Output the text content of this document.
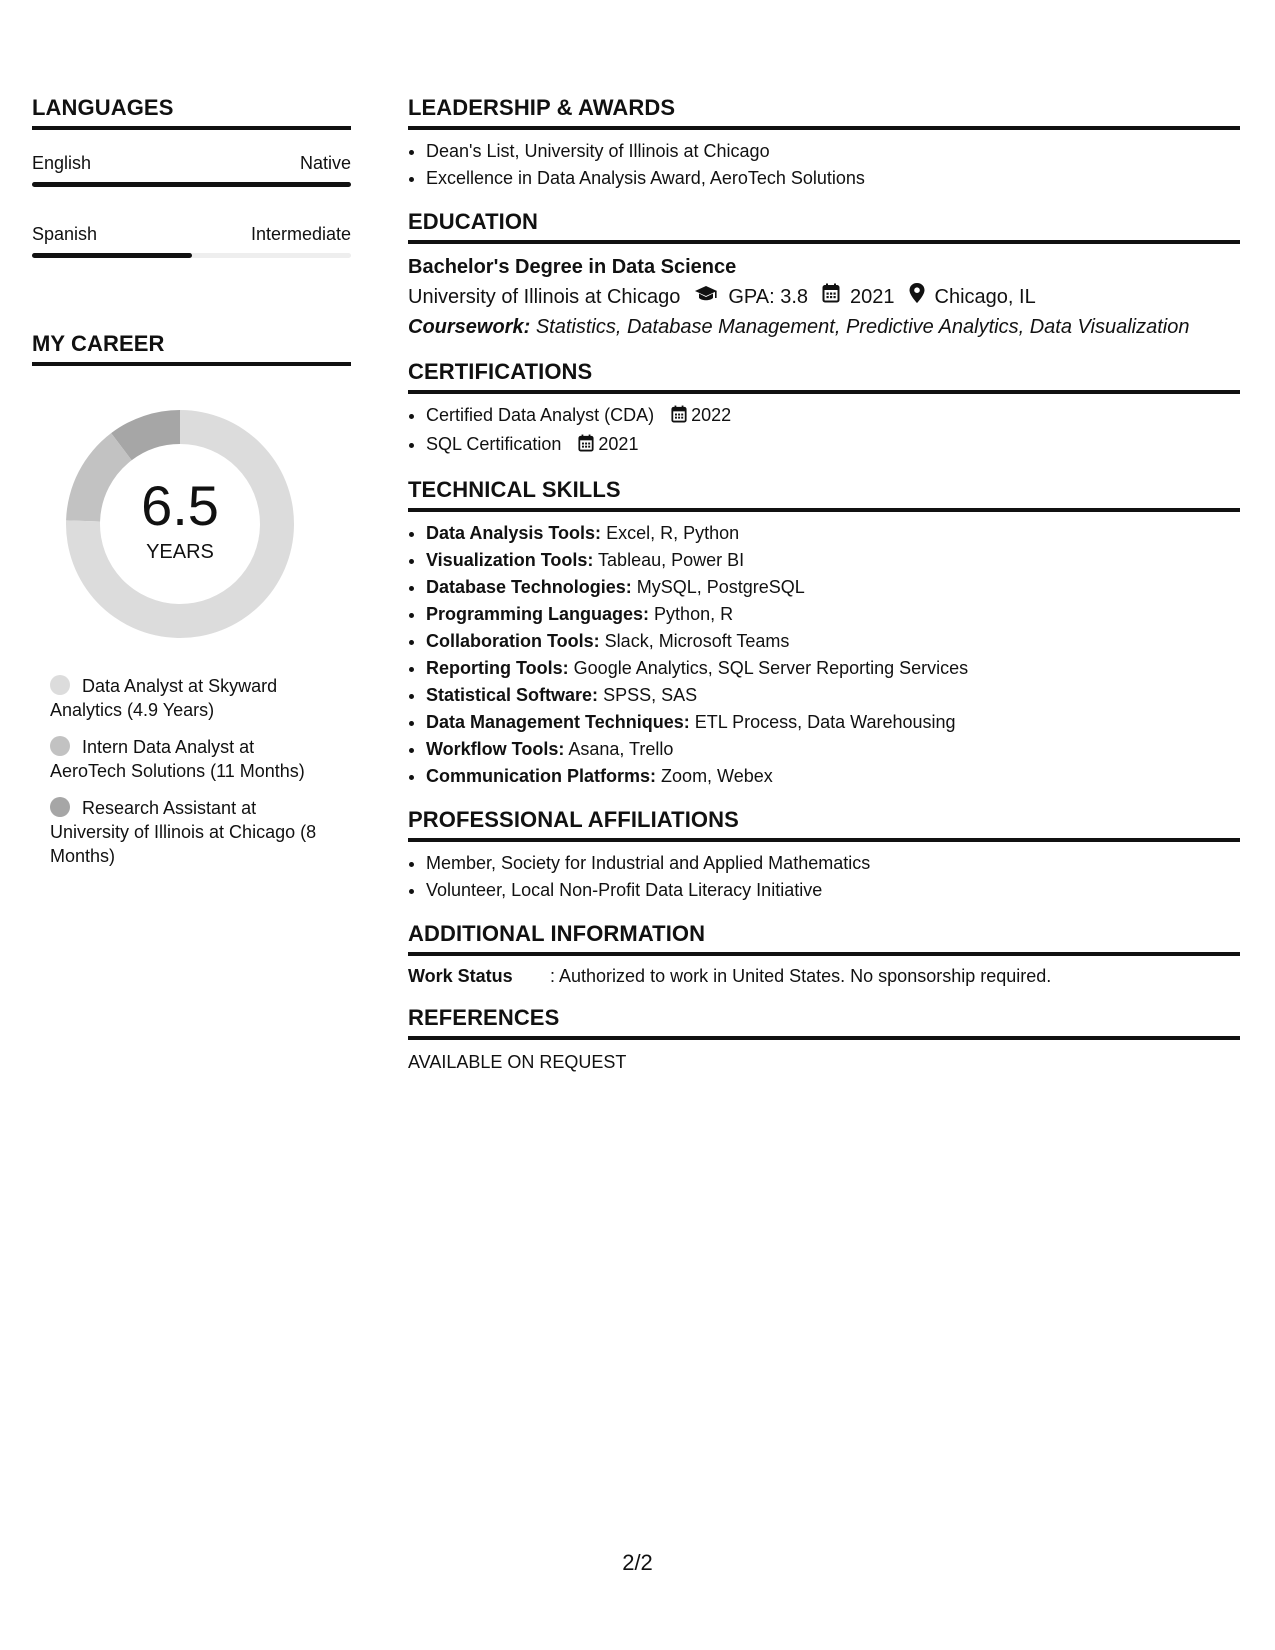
LANGUAGES
English	Native
Spanish	Intermediate
MY CAREER
6.5
YEARS
Data Analyst at Skyward Analytics (4.9 Years)
Intern Data Analyst at AeroTech Solutions (11 Months)
Research Assistant at University of Illinois at Chicago (8 Months)
LEADERSHIP & AWARDS
• Dean's List, University of Illinois at Chicago
• Excellence in Data Analysis Award, AeroTech Solutions
EDUCATION
Bachelor's Degree in Data Science
University of Illinois at Chicago GPA: 3.8 2021 Chicago, IL
Coursework: Statistics, Database Management, Predictive Analytics, Data Visualization
CERTIFICATIONS
• Certified Data Analyst (CDA) 2022
• SQL Certification 2021
TECHNICAL SKILLS
• Data Analysis Tools: Excel, R, Python
• Visualization Tools: Tableau, Power BI
• Database Technologies: MySQL, PostgreSQL
• Programming Languages: Python, R
• Collaboration Tools: Slack, Microsoft Teams
• Reporting Tools: Google Analytics, SQL Server Reporting Services
• Statistical Software: SPSS, SAS
• Data Management Techniques: ETL Process, Data Warehousing
• Workflow Tools: Asana, Trello
• Communication Platforms: Zoom, Webex
PROFESSIONAL AFFILIATIONS
• Member, Society for Industrial and Applied Mathematics
• Volunteer, Local Non-Profit Data Literacy Initiative
ADDITIONAL INFORMATION
Work Status	: Authorized to work in United States. No sponsorship required.
REFERENCES
AVAILABLE ON REQUEST
2/2
